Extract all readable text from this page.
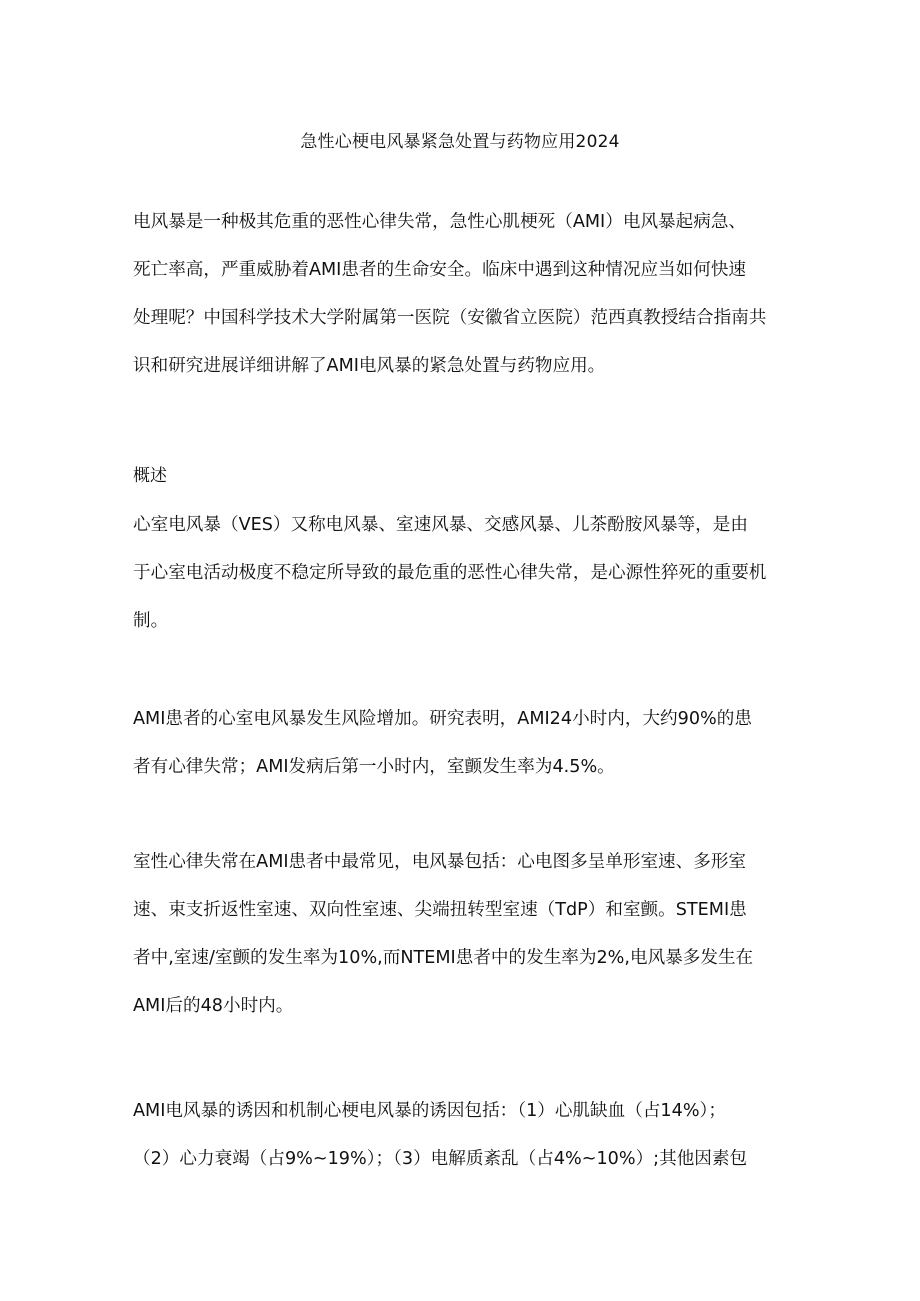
急性心梗电风暴紧急处置与药物应用2024
电风暴是一种极其危重的恶性心律失常，急性心肌梗死（AMI）电风暴起病急、
死亡率高，严重威胁着AMI患者的生命安全。临床中遇到这种情况应当如何快速
处理呢？中国科学技术大学附属第一医院（安徽省立医院）范西真教授结合指南共
识和研究进展详细讲解了AMI电风暴的紧急处置与药物应用。
概述
心室电风暴（VES）又称电风暴、室速风暴、交感风暴、儿茶酚胺风暴等，是由
于心室电活动极度不稳定所导致的最危重的恶性心律失常，是心源性猝死的重要机
制。
AMI患者的心室电风暴发生风险增加。研究表明，AMI24小时内，大约90%的患
者有心律失常；AMI发病后第一小时内，室颤发生率为4.5%。
室性心律失常在AMI患者中最常见，电风暴包括：心电图多呈单形室速、多形室
速、束支折返性室速、双向性室速、尖端扭转型室速（TdP）和室颤。STEMI患
者中,室速/室颤的发生率为10%,而NTEMI患者中的发生率为2%,电风暴多发生在
AMI后的48小时内。
AMI电风暴的诱因和机制心梗电风暴的诱因包括：（1）心肌缺血（占14%）；
（2）心力衰竭（占9%~19%）；（3）电解质紊乱（占4%~10%）;其他因素包
